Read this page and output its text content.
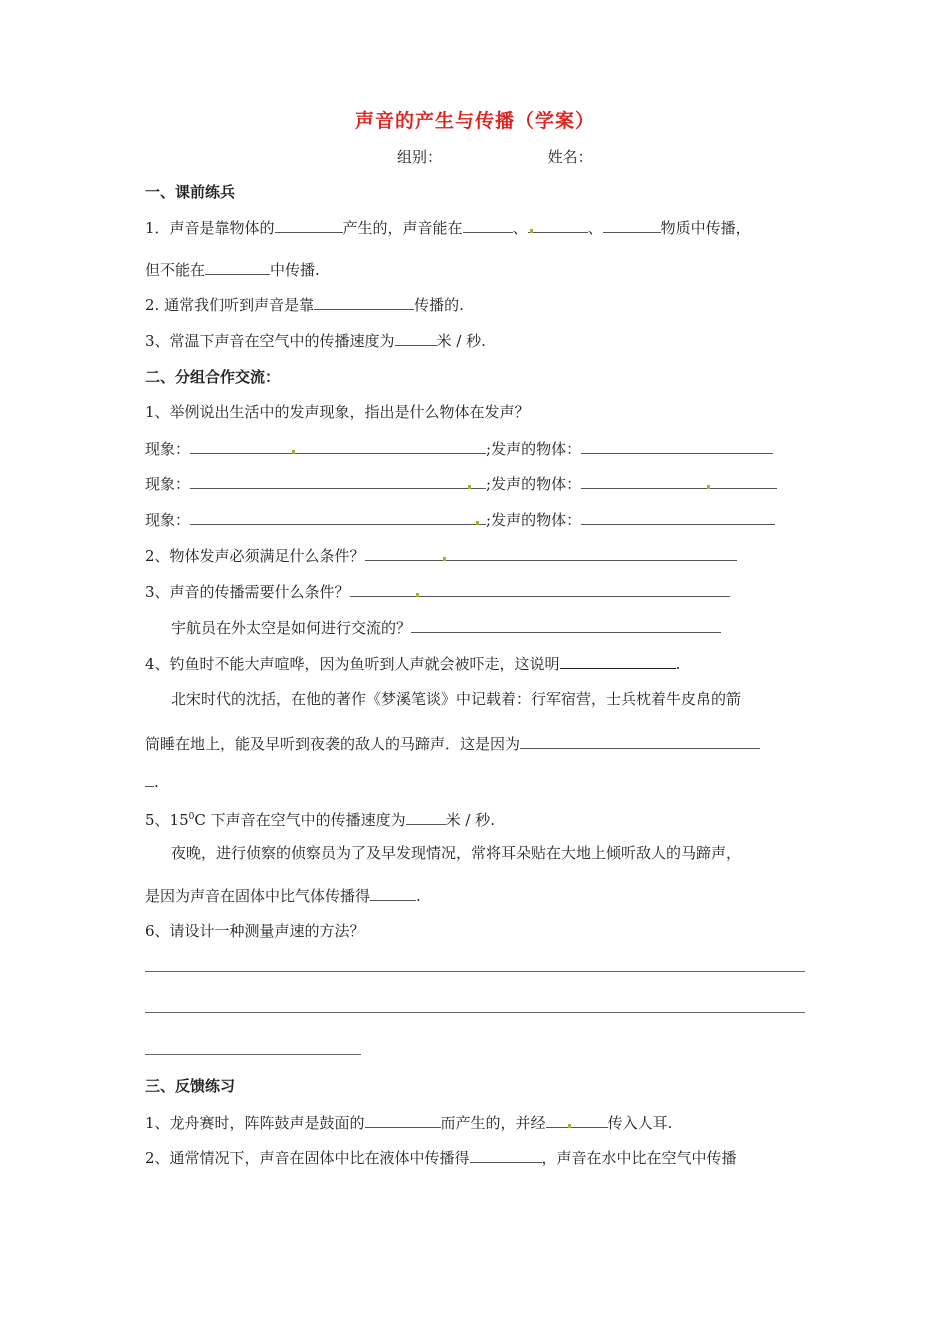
声音的产生与传播（学案）
组别：	姓名：
一、课前练兵
1．声音是靠物体的	产生的，声音能在	、	、	物质中传播，
但不能在	中传播.
2. 通常我们听到声音是靠	传播的.
3、常温下声音在空气中的传播速度为	米 / 秒.
二、分组合作交流：
1、举例说出生活中的发声现象，指出是什么物体在发声？
现象：	;发声的物体：
现象：	;发声的物体：
现象：	;发声的物体：
2、物体发声必须满足什么条件？
3、声音的传播需要什么条件？
宇航员在外太空是如何进行交流的？
4、钓鱼时不能大声喧哗，因为鱼听到人声就会被吓走，这说明	.
北宋时代的沈括，在他的著作《梦溪笔谈》中记载着：行军宿营，士兵枕着牛皮帛的箭
筒睡在地上，能及早听到夜袭的敌人的马蹄声．这是因为
.
5、$15^0C$ 下声音在空气中的传播速度为	米 / 秒.
夜晚，进行侦察的侦察员为了及早发现情况，常将耳朵贴在大地上倾听敌人的马蹄声，
是因为声音在固体中比气体传播得	.
6、请设计一种测量声速的方法？
三、反馈练习
1、龙舟赛时，阵阵鼓声是鼓面的	而产生的，并经	传入人耳.
2、通常情况下，声音在固体中比在液体中传播得	，声音在水中比在空气中传播
